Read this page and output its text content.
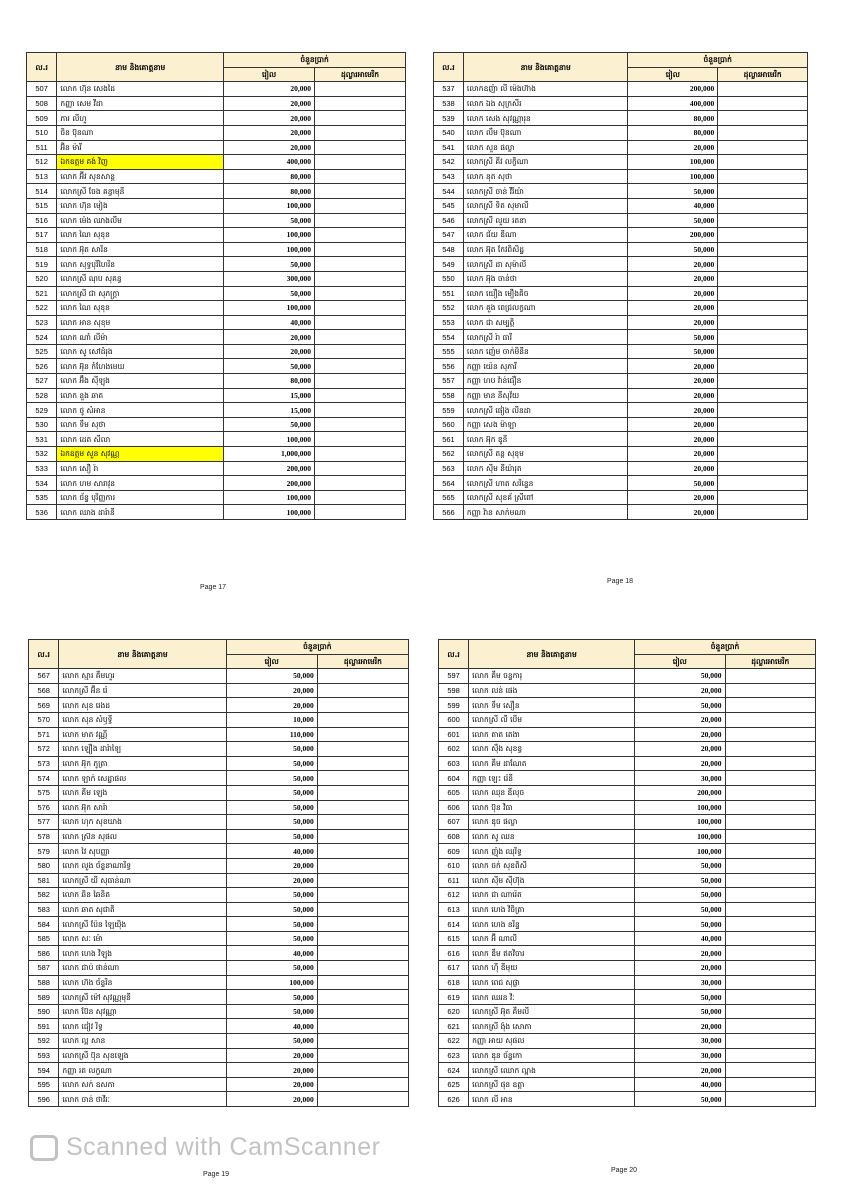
ល.រ	នាម និងគោត្តនាម	ចំនួនប្រាក់	
		រៀល	ដុល្លារអាមេរិក
507	លោក ហ៊ុន សេងដៃ	20,000	
508	កញ្ញា សេម វីដា	20,000	
509	ភារ លីហួ	20,000	
510	ចិន ប៊ុនណា	20,000	
511	អ៊ិន ម៉ារី	20,000	
512	ឯកឧត្តម គង់ វិញ	400,000	
513	លោក អ៊ីវ សុខសាន្ត	80,000	
514	លោកស្រី ចែង គន្ធាមុនី	80,000	
515	លោក ហ៊ុន មៀង	100,000	
516	លោក ម៉េង ឈាងលីម	50,000	
517	លោក ណៃ សុខុន	100,000	
518	លោក អ៊ុត សារិន	100,000	
519	លោក សុទ្ធបុរីហៃរិន	50,000	
520	លោកស្រី ណុប សុគន្ធ	300,000	
521	លោកស្រី ជា សុភក្ត្រា	50,000	
522	លោក ណៃ សុខុន	100,000	
523	លោក អាន សុខុម	40,000	
524	លោក ណាំ លីម៉ា	20,000	
525	លោក សូ សៅដំរុង	20,000	
526	លោក អ៊ុន កំហែងមេឃ	50,000	
527	លោក អ៊ឹង សុីឡុង	80,000	
528	លោក នួង ឆាត	15,000	
529	លោក ថូ សំអាន	15,000	
530	លោក ទឹម សុថា	50,000	
531	លោក ដេត សីលា	100,000	
532	ឯកឧត្តម សួន សុវណ្ណ	1,000,000	
533	លោក សឿ រ៉ា	200,000	
534	លោក ហម សារាវុន	200,000	
535	លោក ច័ន្ទ បុរិញ្ញការ	100,000	
536	លោក ឈាង ដារ៉ានី	100,000	
ល.រ	នាម និងគោត្តនាម	ចំនួនប្រាក់	
		រៀល	ដុល្លារអាមេរិក
537	លោកឧញ៉ា លី ម៉េងហ៊ាង	200,000	
538	លោក ឯង សុក្រសីរ	400,000	
539	លោក សេង សុវណ្ណារុន	80,000	
540	លោក លឹម ប៊ុនណា	80,000	
541	លោក សួន ផល្លា	20,000	
542	លោកស្រី គីវ លក្ខិណា	100,000	
543	លោក នុត សុថា	100,000	
544	លោកស្រី ចាន់ វិរិយ៉ា	50,000	
545	លោកស្រី ទិត សុមាលី	40,000	
546	លោកស្រី លួយ រតនា	50,000	
547	លោក ជ័យ ឌីណា	200,000	
548	លោក អ៊ុត កែវពិសិដ្ឋ	50,000	
549	លោកស្រី ដា សុម៉ាលី	20,000	
550	លោក អ៊ុង ចាន់ថា	20,000	
551	លោក យឿង មឿងគិច	20,000	
552	លោក គួង ពេជ្រលក្ខណា	20,000	
553	លោក ជា សម្បត្តិ	20,000	
554	លោកស្រី រ៉ា ធារី	50,000	
555	លោក ញ៉េម ចាក់មិនីន	50,000	
556	កញ្ញា យ៉េន សុភារី	20,000	
557	កញ្ញា ហប វ៉ាន់ធឿន	20,000	
558	កញ្ញា មាន នីសុវ័យ	20,000	
559	លោកស្រី ផៀង លីនដា	20,000	
560	កញ្ញា សេង ម៉ាឡា	20,000	
561	លោក អ៊ុក ឌូនី	20,000	
562	លោកស្រី តន្ត សុខុម	20,000	
563	លោក ស៊ីម នីយ៉ារុត	20,000	
564	លោកស្រី ហាត សរិន្ទេន	50,000	
565	លោកស្រី សុខគ័ ស្រីពៅ	20,000	
566	កញ្ញា វ៉ាន សាក់មណា	20,000	
ល.រ	នាម និងគោត្តនាម	ចំនួនប្រាក់	
		រៀល	ដុល្លារអាមេរិក
567	លោក ស្មារ គឹមហួរ	50,000	
568	លោកស្រី អ៊ីន រ៉េ	20,000	
569	លោក សុខ រេងដ	20,000	
570	លោក សុន សំឫទ្ធី	10,000	
571	លោក មាត វណ្ណី	110,000	
572	លោក ឡឿង ដារ៉ាឡៃ	50,000	
573	លោក អ៊ុក ភូត្រា	50,000	
574	លោក ឡាក់ សេដ្ឋាផល	50,000	
575	លោក គីម ឡេង	50,000	
576	លោក អ៊ុក សារ៉ា	50,000	
577	លោក ហុក សុខឃាង	50,000	
578	លោក ស្រ៊ន សុផល	50,000	
579	លោក វៃ សុបញ្ញា	40,000	
580	លោក លួង ច័ន្ទនាណារិទ្ធ	20,000	
581	លោកស្រី យី សុធាន់ណា	20,000	
582	លោក ឆិន ឆៃនិត	50,000	
583	លោក ឆាត សុជាតិ	50,000	
584	លោកស្រី ប៉ែន ឡៃយ៉ិង	50,000	
585	លោក សៈ ម៉ោ	50,000	
586	លោក ហេង វិឡុង	40,000	
587	លោក ជាប់ ផាន់ណា	50,000	
588	លោក ហ៊ង ច័ន្ទរិន	100,000	
589	លោកស្រី ម៉ៅ សុវណ្ណមុនី	50,000	
590	លោក ប៊ែន សុវណ្ណា	50,000	
591	លោក ជៀវ រិទ្ធ	40,000	
592	លោក ល្អ សាន	50,000	
593	លោកស្រី ប៊ុន សុខឡេង	20,000	
594	កញ្ញា រត លក្ខណា	20,000	
595	លោក សក់ ឧសភា	20,000	
596	លោក ចាន់ ថាវីរៈ	20,000	
ល.រ	នាម និងគោត្តនាម	ចំនួនប្រាក់	
		រៀល	ដុល្លារអាមេរិក
597	លោក គឹម ចន្ទការុ	50,000	
598	លោក លន់ ផេង	20,000	
599	លោក ទឹម សឿន	50,000	
600	លោកស្រី លី បើម	20,000	
601	លោក តាត តេងា	20,000	
602	លោក ស៊ឹង សុខន្ធ	20,000	
603	លោក គឹម ដាណែត	20,000	
604	កញ្ញា ឡេះ រ៉េនី	30,000	
605	លោក ឈុន ឌីលុច	200,000	
606	លោក ប៊ុន វិធា	100,000	
607	លោក ឌុច ផល្លា	100,000	
608	លោក សូ ឈន	100,000	
609	លោក ញ៉ុង ឈុរិទ្ធ	100,000	
610	លោក ចក់ សុខពិសី	50,000	
611	លោក ស៊ីម ស៊ីហ៊ុង	50,000	
612	លោក ជា ណារ៉េត	50,000	
613	លោក ហេង វិចិត្រា	50,000	
614	លោក ហេង នរិន្ទ	50,000	
615	លោក អ៊ី ណាលី	40,000	
616	លោក ឌឹម ឥតវិចារ	20,000	
617	លោក ហ៊ី ឌីមុយ	20,000	
618	លោក ពេជ សុផ្លា	30,000	
619	លោក ឈរន វិៈ	50,000	
620	លោកស្រី អ៊ុត គឹមលី	50,000	
621	លោកស្រី ង៉ុង សោភា	20,000	
622	កញ្ញា អាយ សុផល	30,000	
623	លោក ឌុន ច័ន្ទកោ	30,000	
624	លោកស្រី ឈោក ល្អាង	20,000	
625	លោកស្រី ផុន ឧត្តា	40,000	
626	លោក លី អាន	50,000	
Page 17
Page 18
Page 19
Page 20
Scanned with CamScanner
